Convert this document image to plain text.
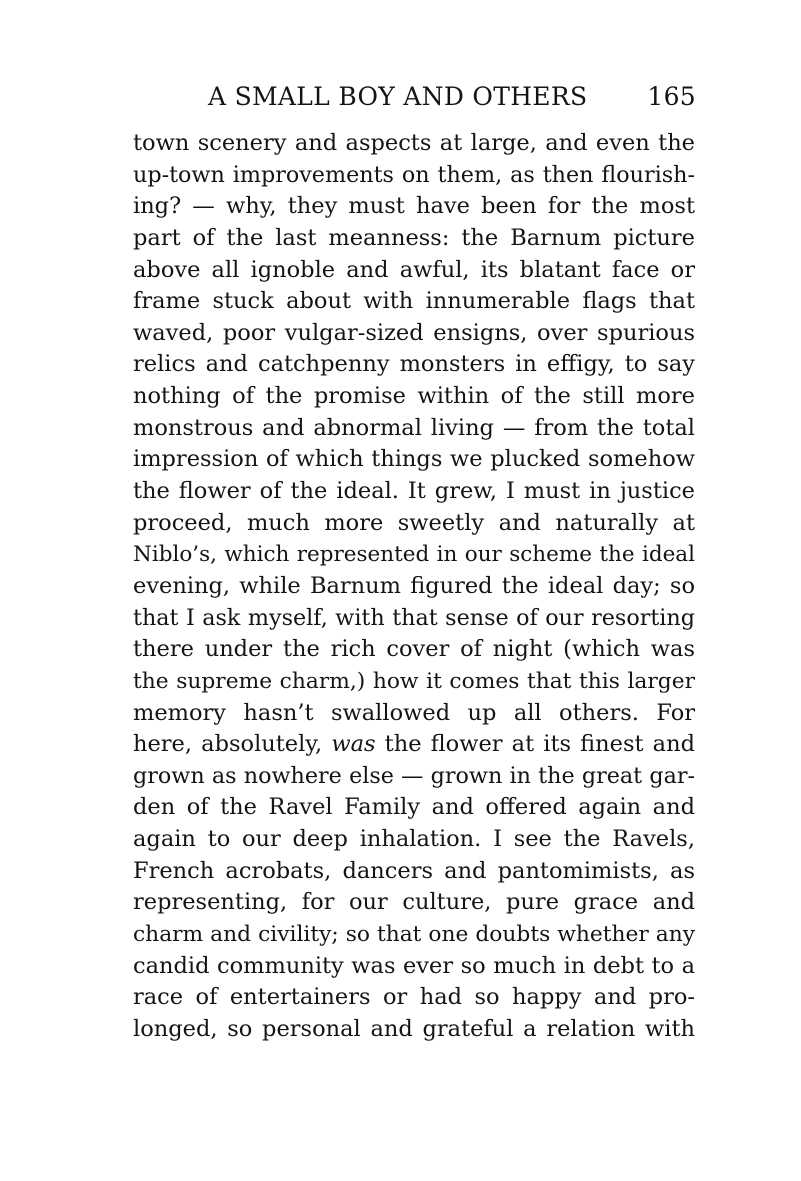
A SMALL BOY AND OTHERS 165
town scenery and aspects at large, and even the
up-town improvements on them, as then flourish-
ing? — why, they must have been for the most
part of the last meanness: the Barnum picture
above all ignoble and awful, its blatant face or
frame stuck about with innumerable flags that
waved, poor vulgar-sized ensigns, over spurious
relics and catchpenny monsters in effigy, to say
nothing of the promise within of the still more
monstrous and abnormal living — from the total
impression of which things we plucked somehow
the flower of the ideal. It grew, I must in justice
proceed, much more sweetly and naturally at
Niblo’s, which represented in our scheme the ideal
evening, while Barnum figured the ideal day; so
that I ask myself, with that sense of our resorting
there under the rich cover of night (which was
the supreme charm,) how it comes that this larger
memory hasn’t swallowed up all others. For
here, absolutely, was the flower at its finest and
grown as nowhere else — grown in the great gar-
den of the Ravel Family and offered again and
again to our deep inhalation. I see the Ravels,
French acrobats, dancers and pantomimists, as
representing, for our culture, pure grace and
charm and civility; so that one doubts whether any
candid community was ever so much in debt to a
race of entertainers or had so happy and pro-
longed, so personal and grateful a relation with
